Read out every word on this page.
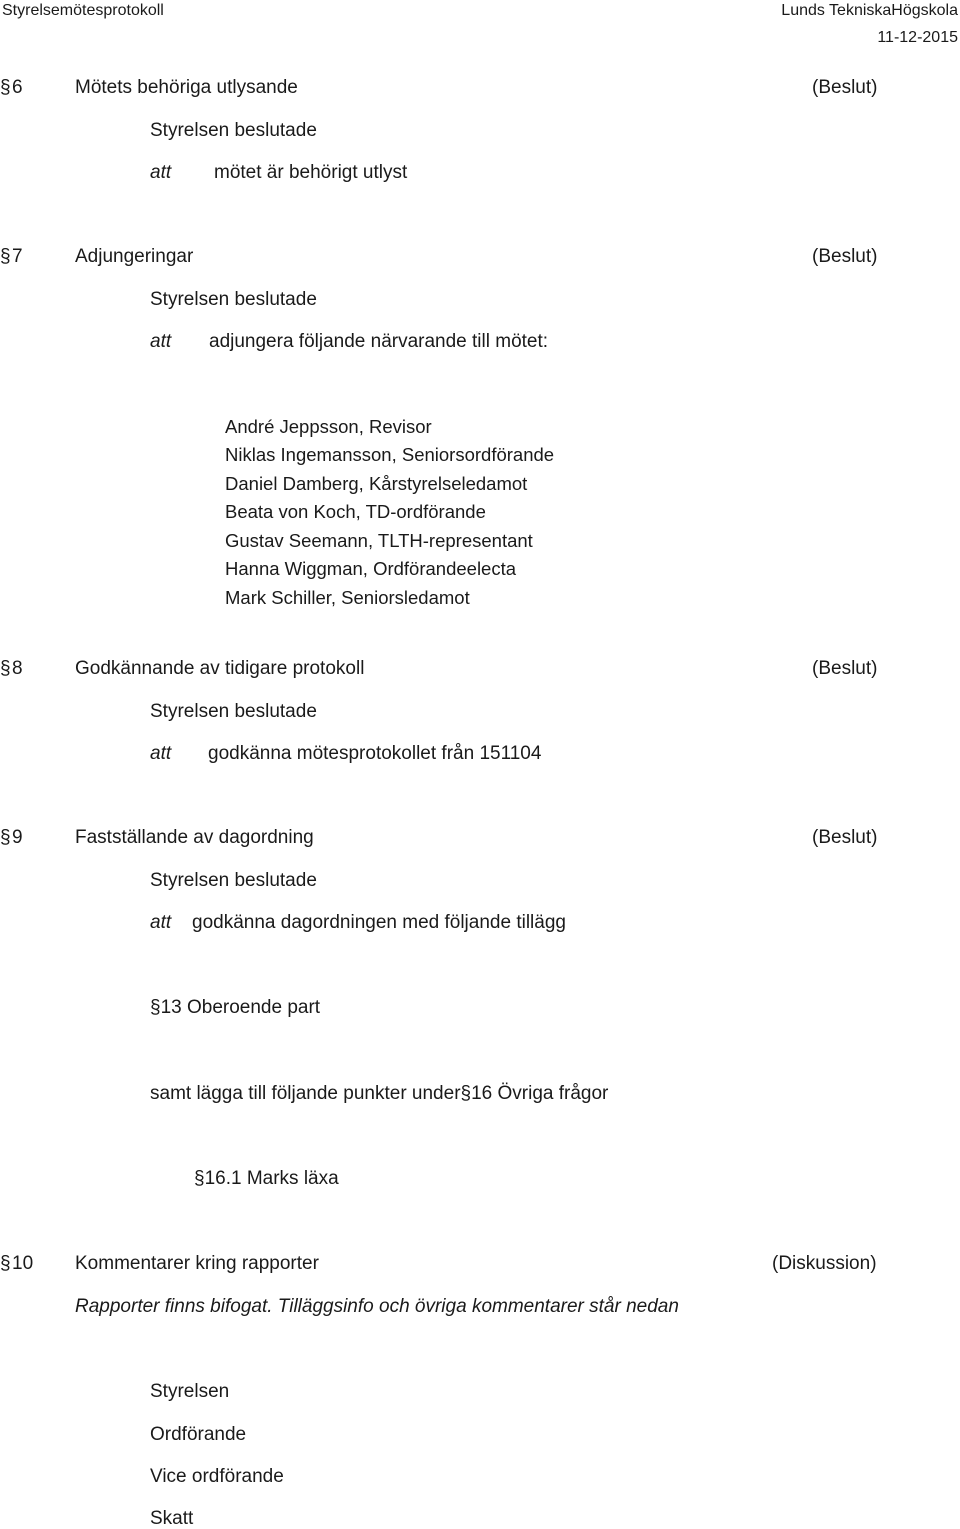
Styrelsemötesprotokoll	Lunds TekniskaHögskola
11-12-2015
§ 6	Mötets behöriga utlysande	(Beslut)
Styrelsen beslutade
att mötet är behörigt utlyst
§ 7	Adjungeringar	(Beslut)
Styrelsen beslutade
att adjungera följande närvarande till mötet:
André Jeppsson, Revisor
Niklas Ingemansson, Seniorsordförande
Daniel Damberg, Kårstyrelseledamot
Beata von Koch, TD-ordförande
Gustav Seemann, TLTH-representant
Hanna Wiggman, Ordförandeelecta
Mark Schiller, Seniorsledamot
§ 8	Godkännande av tidigare protokoll	(Beslut)
Styrelsen beslutade
att godkänna mötesprotokollet från 151104
§ 9	Fastställande av dagordning	(Beslut)
Styrelsen beslutade
att godkänna dagordningen med följande tillägg
§13 Oberoende part
samt lägga till följande punkter under§16 Övriga frågor
§16.1 Marks läxa
§ 10 Kommentarer kring rapporter	(Diskussion)
Rapporter finns bifogat. Tilläggsinfo och övriga kommentarer står nedan
Styrelsen
Ordförande
Vice ordförande
Skatt
